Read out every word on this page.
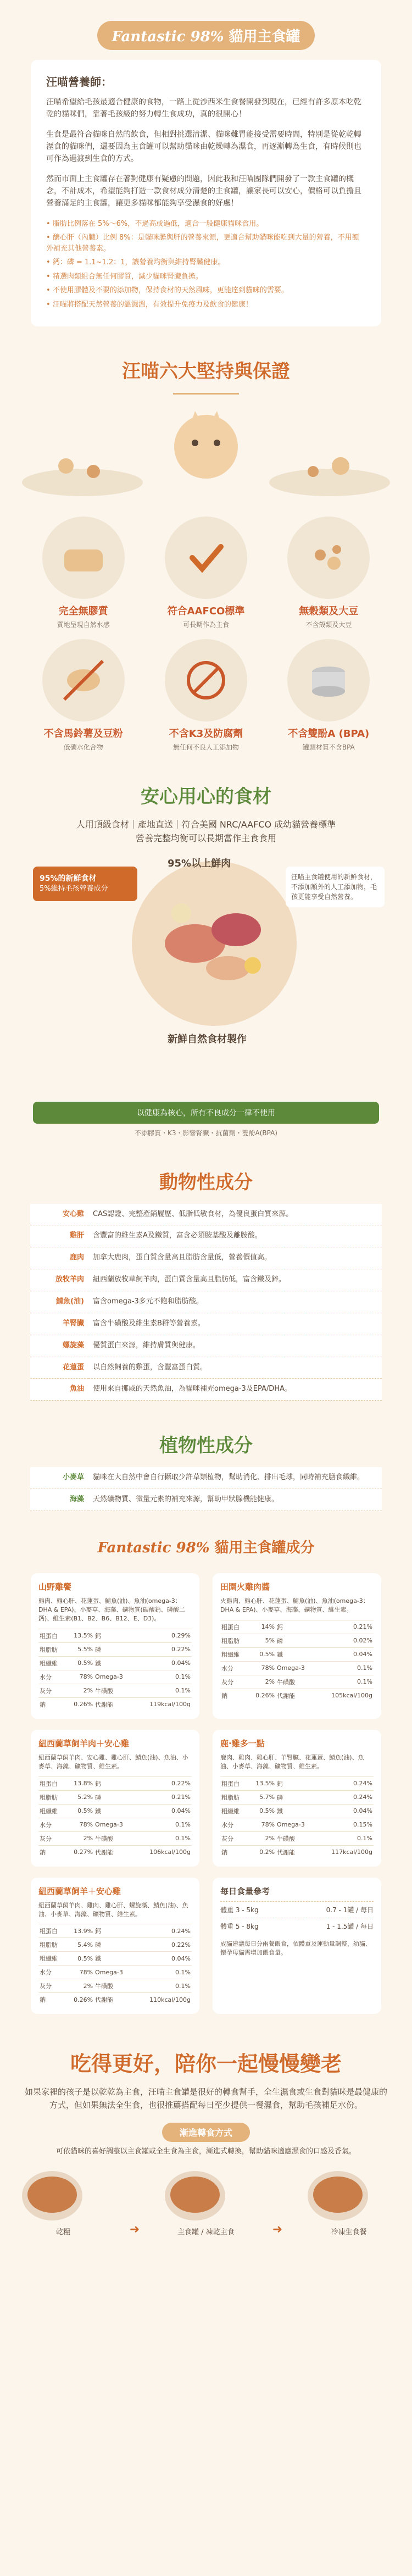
Fantastic 98% 貓用主食罐
汪喵營養師：

汪喵希望給毛孩最適合健康的食物，一路上從沙西米生食餐開發到現在，已經有許多原本吃乾乾的貓咪們，靠著毛孩級的努力轉生食成功，真的很開心！

生食是最符合貓咪自然的飲食，但相對挑選清潔、貓咪難胃能接受需要時間，特別是從乾乾轉溼食的貓咪們，還要因為主食罐可以幫助貓咪由乾燥轉為濕食，再逐漸轉為生食，有時候則也可作為過渡到生食的方式。

然而市面上主食罐存在著對健康有疑慮的問題，因此我和汪喵團隊們開發了一款主食罐的概念，不計成本，希望能夠打造一款食材成分清楚的主食罐，讓家長可以安心，價格可以負擔且營養滿足的主食罐，讓更多貓咪都能夠享受濕食的好處！

• 脂肪比例落在 5%～6%，不過高或過低，適合一般健康貓咪食用。
• 醣心肝（內臟）比例 8%：是貓咪膽與肝的營養來源，更適合幫助貓咪能吃到大量的營養，不用額外補充其他營養素。
• 鈣：磷 = 1.1~1.2：1，讓營養均衡與維持腎臟健康。
• 精選肉類組合無任何膠質，減少貓咪腎臟負擔。
• 不使用膠體及不要的添加物，保持食材的天然風味，更能達到貓咪的需要。
• 汪喵將搭配天然營養的溫濕溫，有效提升免疫力及飲食的健康！
汪喵六大堅持與保證
完全無膠質
質地呈現自然水感
符合AAFCO標準
可長期作為主食
無穀類及大豆
不含殼類及大豆
不含馬鈴薯及豆粉
低碳水化合物
不含K3及防腐劑
無任何不良人工添加物
不含雙酚A (BPA)
罐頭材質不含BPA
安心用心的食材
人用頂級食材｜產地直送｜符合美國 NRC/AAFCO 成幼貓營養標準
營養完整均衡可以長期當作主食食用
95%的新鮮食材
5%維持毛孩營養成分
95%以上鮮肉
新鮮自然食材製作
汪喵主食罐使用的新鮮食材，不添加額外的人工添加物，毛孩更能享受自然營養。
以健康為核心，所有不良成分一律不使用
不添膠質・K3・影響腎臟・抗菌劑・雙酚A(BPA)
動物性成分
安心雞	CAS認證、完整產銷履歷、低脂低敏食材，為優良蛋白質來源。
雞肝	含豐富的維生素A及鐵質，富含必須胺基酸及離胺酸。
鹿肉	加拿大鹿肉，蛋白質含量高且脂肪含量低，營養價值高。
放牧羊肉	紐西蘭放牧草飼羊肉，蛋白質含量高且脂肪低，富含鐵及鋅。
鯖魚(油)	富含omega-3多元不飽和脂肪酸。
羊腎臟	富含牛磺酸及維生素B群等營養素。
螺旋藻	優質蛋白來源，維持膚質與健康。
花蓮蛋	以自然飼養的雞蛋，含豐富蛋白質。
魚油	使用來自挪威的天然魚油，為貓咪補充omega-3及EPA/DHA。
植物性成分
小麥草	貓咪在大自然中會自行攝取少許草類植物，幫助消化、排出毛球，同時補充膳食纖維。
海藻	天然礦物質、微量元素的補充來源，幫助甲狀腺機能健康。
Fantastic 98% 貓用主食罐成分
山野雞饗

雞肉、雞心肝、花蓮蛋、鯖魚(油)、魚油(omega-3：DHA & EPA)、小麥草、海藻、礦物質(碳酸鈣、磷酸二鈣)、維生素(B1、B2、B6、B12、E、D3)。

粗蛋白	13.5%	鈣	0.29%
粗脂肪	5.5%	磷	0.22%
粗纖維	0.5%	鐵	0.04%
水分	78%	Omega-3	0.1%
灰分	2%	牛磺酸	0.1%
鈉	0.26%	代謝能	119kcal/100g
田園火雞肉醬

火雞肉、雞心肝、花蓮蛋、鯖魚(油)、魚油(omega-3：DHA & EPA)、小麥草、海藻、礦物質、維生素。

粗蛋白	14%	鈣	0.21%
粗脂肪	5%	磷	0.02%
粗纖維	0.5%	鐵	0.04%
水分	78%	Omega-3	0.1%
灰分	2%	牛磺酸	0.1%
鈉	0.26%	代謝能	105kcal/100g
紐西蘭草飼羊肉＋安心雞

紐西蘭草飼羊肉、安心雞、雞心肝、鯖魚(油)、魚油、小麥草、海藻、礦物質、維生素。

粗蛋白	13.8%	鈣	0.22%
粗脂肪	5.2%	磷	0.21%
粗纖維	0.5%	鐵	0.04%
水分	78%	Omega-3	0.1%
灰分	2%	牛磺酸	0.1%
鈉	0.27%	代謝能	106kcal/100g
鹿·雞多一點

鹿肉、雞肉、雞心肝、羊腎臟、花蓮蛋、鯖魚(油)、魚油、小麥草、海藻、礦物質、維生素。

粗蛋白	13.5%	鈣	0.24%
粗脂肪	5.7%	磷	0.24%
粗纖維	0.5%	鐵	0.04%
水分	78%	Omega-3	0.15%
灰分	2%	牛磺酸	0.1%
鈉	0.2%	代謝能	117kcal/100g
紐西蘭草飼羊＋安心雞

紐西蘭草飼羊肉、雞肉、雞心肝、螺旋藻、鯖魚(油)、魚油、小麥草、海藻、礦物質、維生素。

粗蛋白	13.9%	鈣	0.24%
粗脂肪	5.4%	磷	0.22%
粗纖維	0.5%	鐵	0.04%
水分	78%	Omega-3	0.1%
灰分	2%	牛磺酸	0.1%
鈉	0.26%	代謝能	110kcal/100g
每日食量參考
體重 3 - 5kg	0.7 - 1罐 / 每日
體重 5 - 8kg	1 - 1.5罐 / 每日

成貓建議每日分兩餐餵食，依體重及運動量調整，幼貓、懷孕母貓需增加餵食量。

吃得更好，陪你一起慢慢變老
如果家裡的孩子是以乾乾為主食，汪喵主食罐是很好的轉食幫手，全生濕食或生食對貓咪是最健康的方式，但如果無法全生食，也很推薦搭配每日至少提供一餐濕食，幫助毛孩補足水份。
漸進轉食方式
可依貓咪的喜好調整以主食罐或全生食為主食，漸進式轉換，幫助貓咪適應濕食的口感及香氣。
乾糧	➜	主食罐 / 凍乾主食	➜	冷凍生食餐
